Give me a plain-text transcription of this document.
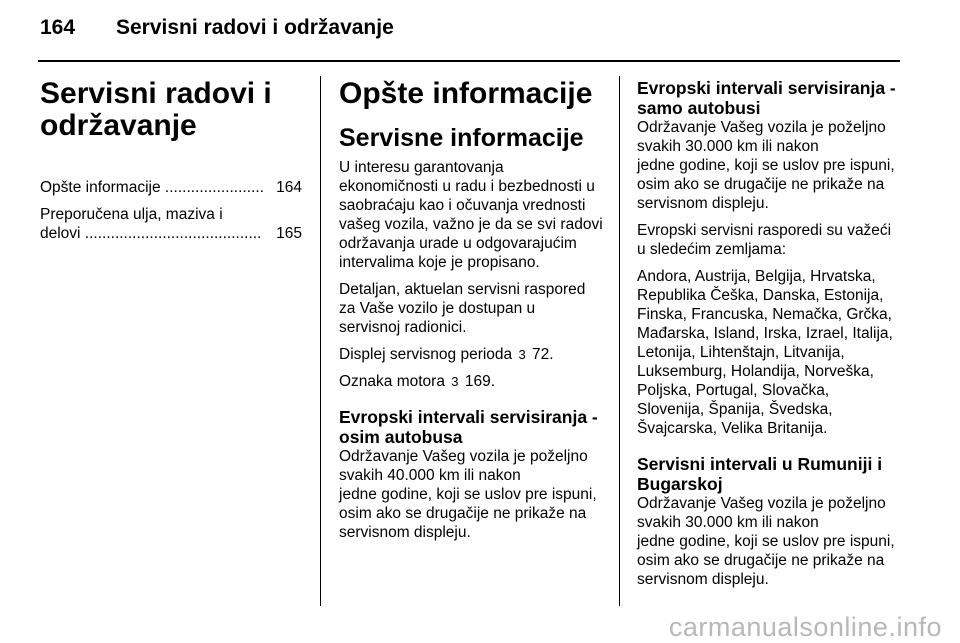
164 Servisni radovi i održavanje
Servisni radovi i
održavanje
Opšte informacije ....................... 164
Preporučena ulja, maziva i
delovi ......................................... 165
Opšte informacije
Servisne informacije

U interesu garantovanja
ekonomičnosti u radu i bezbednosti u
saobraćaju kao i očuvanja vrednosti
vašeg vozila, važno je da se svi radovi
održavanja urade u odgovarajućim
intervalima koje je propisano.

Detaljan, aktuelan servisni raspored
za Vaše vozilo je dostupan u
servisnoj radionici.

Displej servisnog perioda 3 72.

Oznaka motora 3 169.

Evropski intervali servisiranja -
osim autobusa

Održavanje Vašeg vozila je poželjno
svakih 40.000 km ili nakon
jedne godine, koji se uslov pre ispuni,
osim ako se drugačije ne prikaže na
servisnom displeju.

Evropski intervali servisiranja -
samo autobusi

Održavanje Vašeg vozila je poželjno
svakih 30.000 km ili nakon
jedne godine, koji se uslov pre ispuni,
osim ako se drugačije ne prikaže na
servisnom displeju.

Evropski servisni rasporedi su važeći
u sledećim zemljama:

Andora, Austrija, Belgija, Hrvatska,
Republika Češka, Danska, Estonija,
Finska, Francuska, Nemačka, Grčka,
Mađarska, Island, Irska, Izrael, Italija,
Letonija, Lihtenštajn, Litvanija,
Luksemburg, Holandija, Norveška,
Poljska, Portugal, Slovačka,
Slovenija, Španija, Švedska,
Švajcarska, Velika Britanija.

Servisni intervali u Rumuniji i
Bugarskoj

Održavanje Vašeg vozila je poželjno
svakih 30.000 km ili nakon
jedne godine, koji se uslov pre ispuni,
osim ako se drugačije ne prikaže na
servisnom displeju.

carmanualsonline.info
